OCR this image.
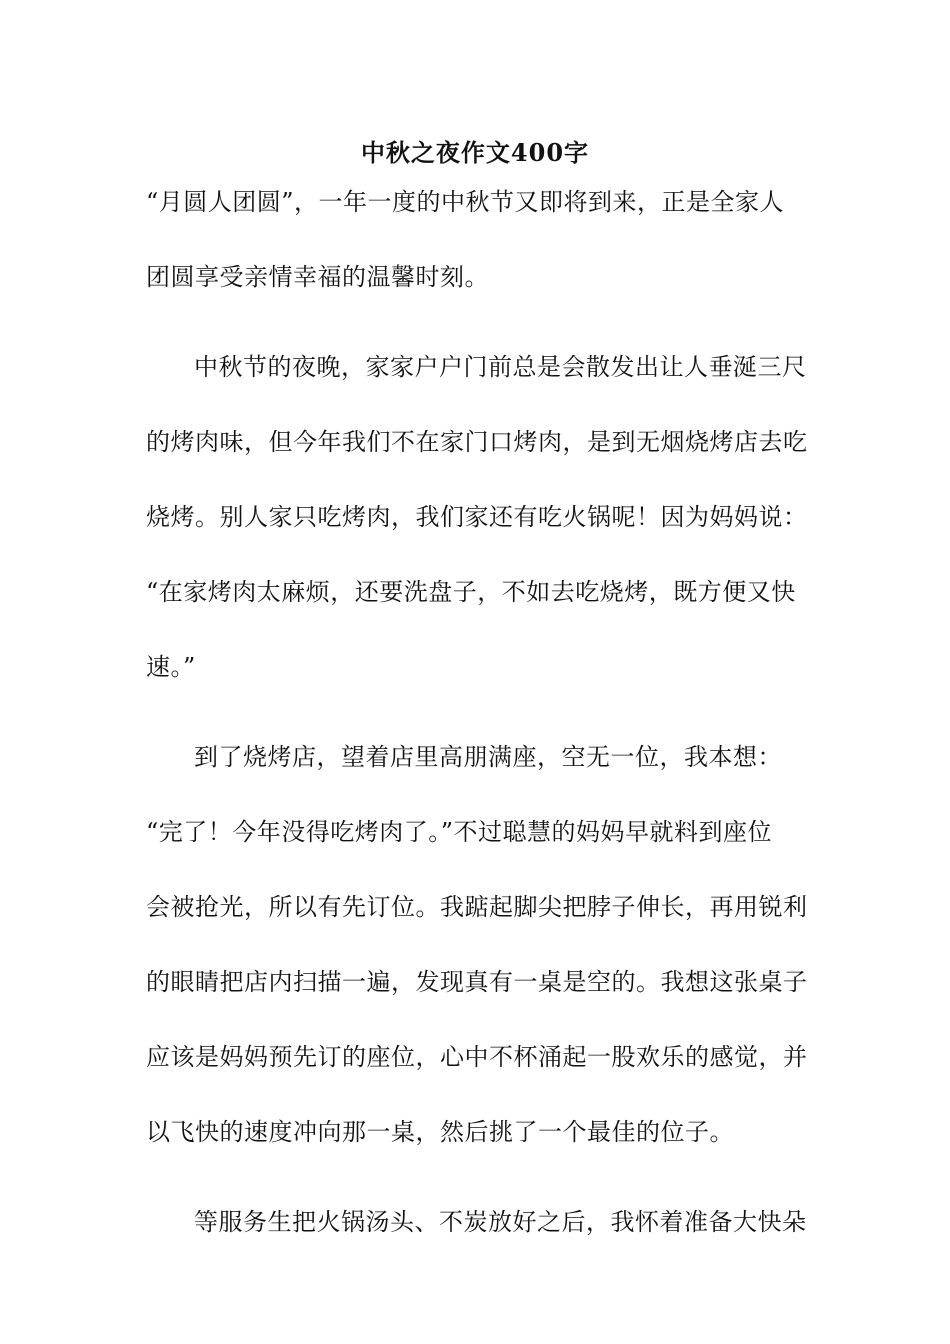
中秋之夜作文400字
“月圆人团圆”，一年一度的中秋节又即将到来，正是全家人
团圆享受亲情幸福的温馨时刻。
中秋节的夜晚，家家户户门前总是会散发出让人垂涎三尺
的烤肉味，但今年我们不在家门口烤肉，是到无烟烧烤店去吃
烧烤。别人家只吃烤肉，我们家还有吃火锅呢！因为妈妈说：
“在家烤肉太麻烦，还要洗盘子，不如去吃烧烤，既方便又快
速。”
到了烧烤店，望着店里高朋满座，空无一位，我本想：
“完了！今年没得吃烤肉了。”不过聪慧的妈妈早就料到座位
会被抢光，所以有先订位。我踮起脚尖把脖子伸长，再用锐利
的眼睛把店内扫描一遍，发现真有一桌是空的。我想这张桌子
应该是妈妈预先订的座位，心中不杯涌起一股欢乐的感觉，并
以飞快的速度冲向那一桌，然后挑了一个最佳的位子。
等服务生把火锅汤头、不炭放好之后，我怀着准备大快朵
